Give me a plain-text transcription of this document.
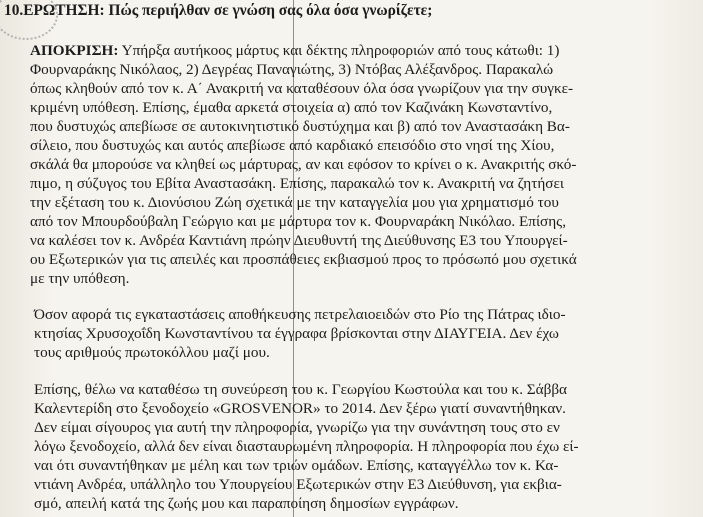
10.ΕΡΩΤΗΣΗ: Πώς περιήλθαν σε γνώση σας όλα όσα γνωρίζετε;
ΑΠΟΚΡΙΣΗ: Υπήρξα αυτήκοος μάρτυς και δέκτης πληροφοριών από τους κάτωθι: 1)
Φουρναράκης Νικόλαος, 2) Δεγρέας Παναγιώτης, 3) Ντόβας Αλέξανδρος. Παρακαλώ
όπως κληθούν από τον κ. Α΄ Ανακριτή να καταθέσουν όλα όσα γνωρίζουν για την συγκε-
κριμένη υπόθεση. Επίσης, έμαθα αρκετά στοιχεία α) από τον Καζινάκη Κωνσταντίνο,
που δυστυχώς απεβίωσε σε αυτοκινητιστικό δυστύχημα και β) από τον Αναστασάκη Βα-
σίλειο, που δυστυχώς και αυτός απεβίωσε από καρδιακό επεισόδιο στο νησί της Χίου,
σκάλά θα μπορούσε να κληθεί ως μάρτυρας, αν και εφόσον το κρίνει ο κ. Ανακριτής σκό-
πιμο, η σύζυγος του Εβίτα Αναστασάκη. Επίσης, παρακαλώ τον κ. Ανακριτή να ζητήσει
την εξέταση του κ. Διονύσιου Ζώη σχετικά με την καταγγελία μου για χρηματισμό του
από τον Μπουρδούβαλη Γεώργιο και με μάρτυρα τον κ. Φουρναράκη Νικόλαο. Επίσης,
να καλέσει τον κ. Ανδρέα Καντιάνη πρώην Διευθυντή της Διεύθυνσης Ε3 του Υπουργεί-
ου Εξωτερικών για τις απειλές και προσπάθειες εκβιασμού προς το πρόσωπό μου σχετικά
με την υπόθεση.
Όσον αφορά τις εγκαταστάσεις αποθήκευσης πετρελαιοειδών στο Ρίο της Πάτρας ιδιο-
κτησίας Χρυσοχοΐδη Κωνσταντίνου τα έγγραφα βρίσκονται στην ΔΙΑΥΓΕΙΑ. Δεν έχω
τους αριθμούς πρωτοκόλλου μαζί μου.
Επίσης, θέλω να καταθέσω τη συνεύρεση του κ. Γεωργίου Κωστούλα και του κ. Σάββα
Καλεντερίδη στο ξενοδοχείο «GROSVENOR» το 2014. Δεν ξέρω γιατί συναντήθηκαν.
Δεν είμαι σίγουρος για αυτή την πληροφορία, γνωρίζω για την συνάντηση τους στο εν
λόγω ξενοδοχείο, αλλά δεν είναι διασταυρωμένη πληροφορία. Η πληροφορία που έχω εί-
ναι ότι συναντήθηκαν με μέλη και των τριών ομάδων. Επίσης, καταγγέλλω τον κ. Κα-
ντιάνη Ανδρέα, υπάλληλο του Υπουργείου Εξωτερικών στην Ε3 Διεύθυνση, για εκβια-
σμό, απειλή κατά της ζωής μου και παραποίηση δημοσίων εγγράφων.
